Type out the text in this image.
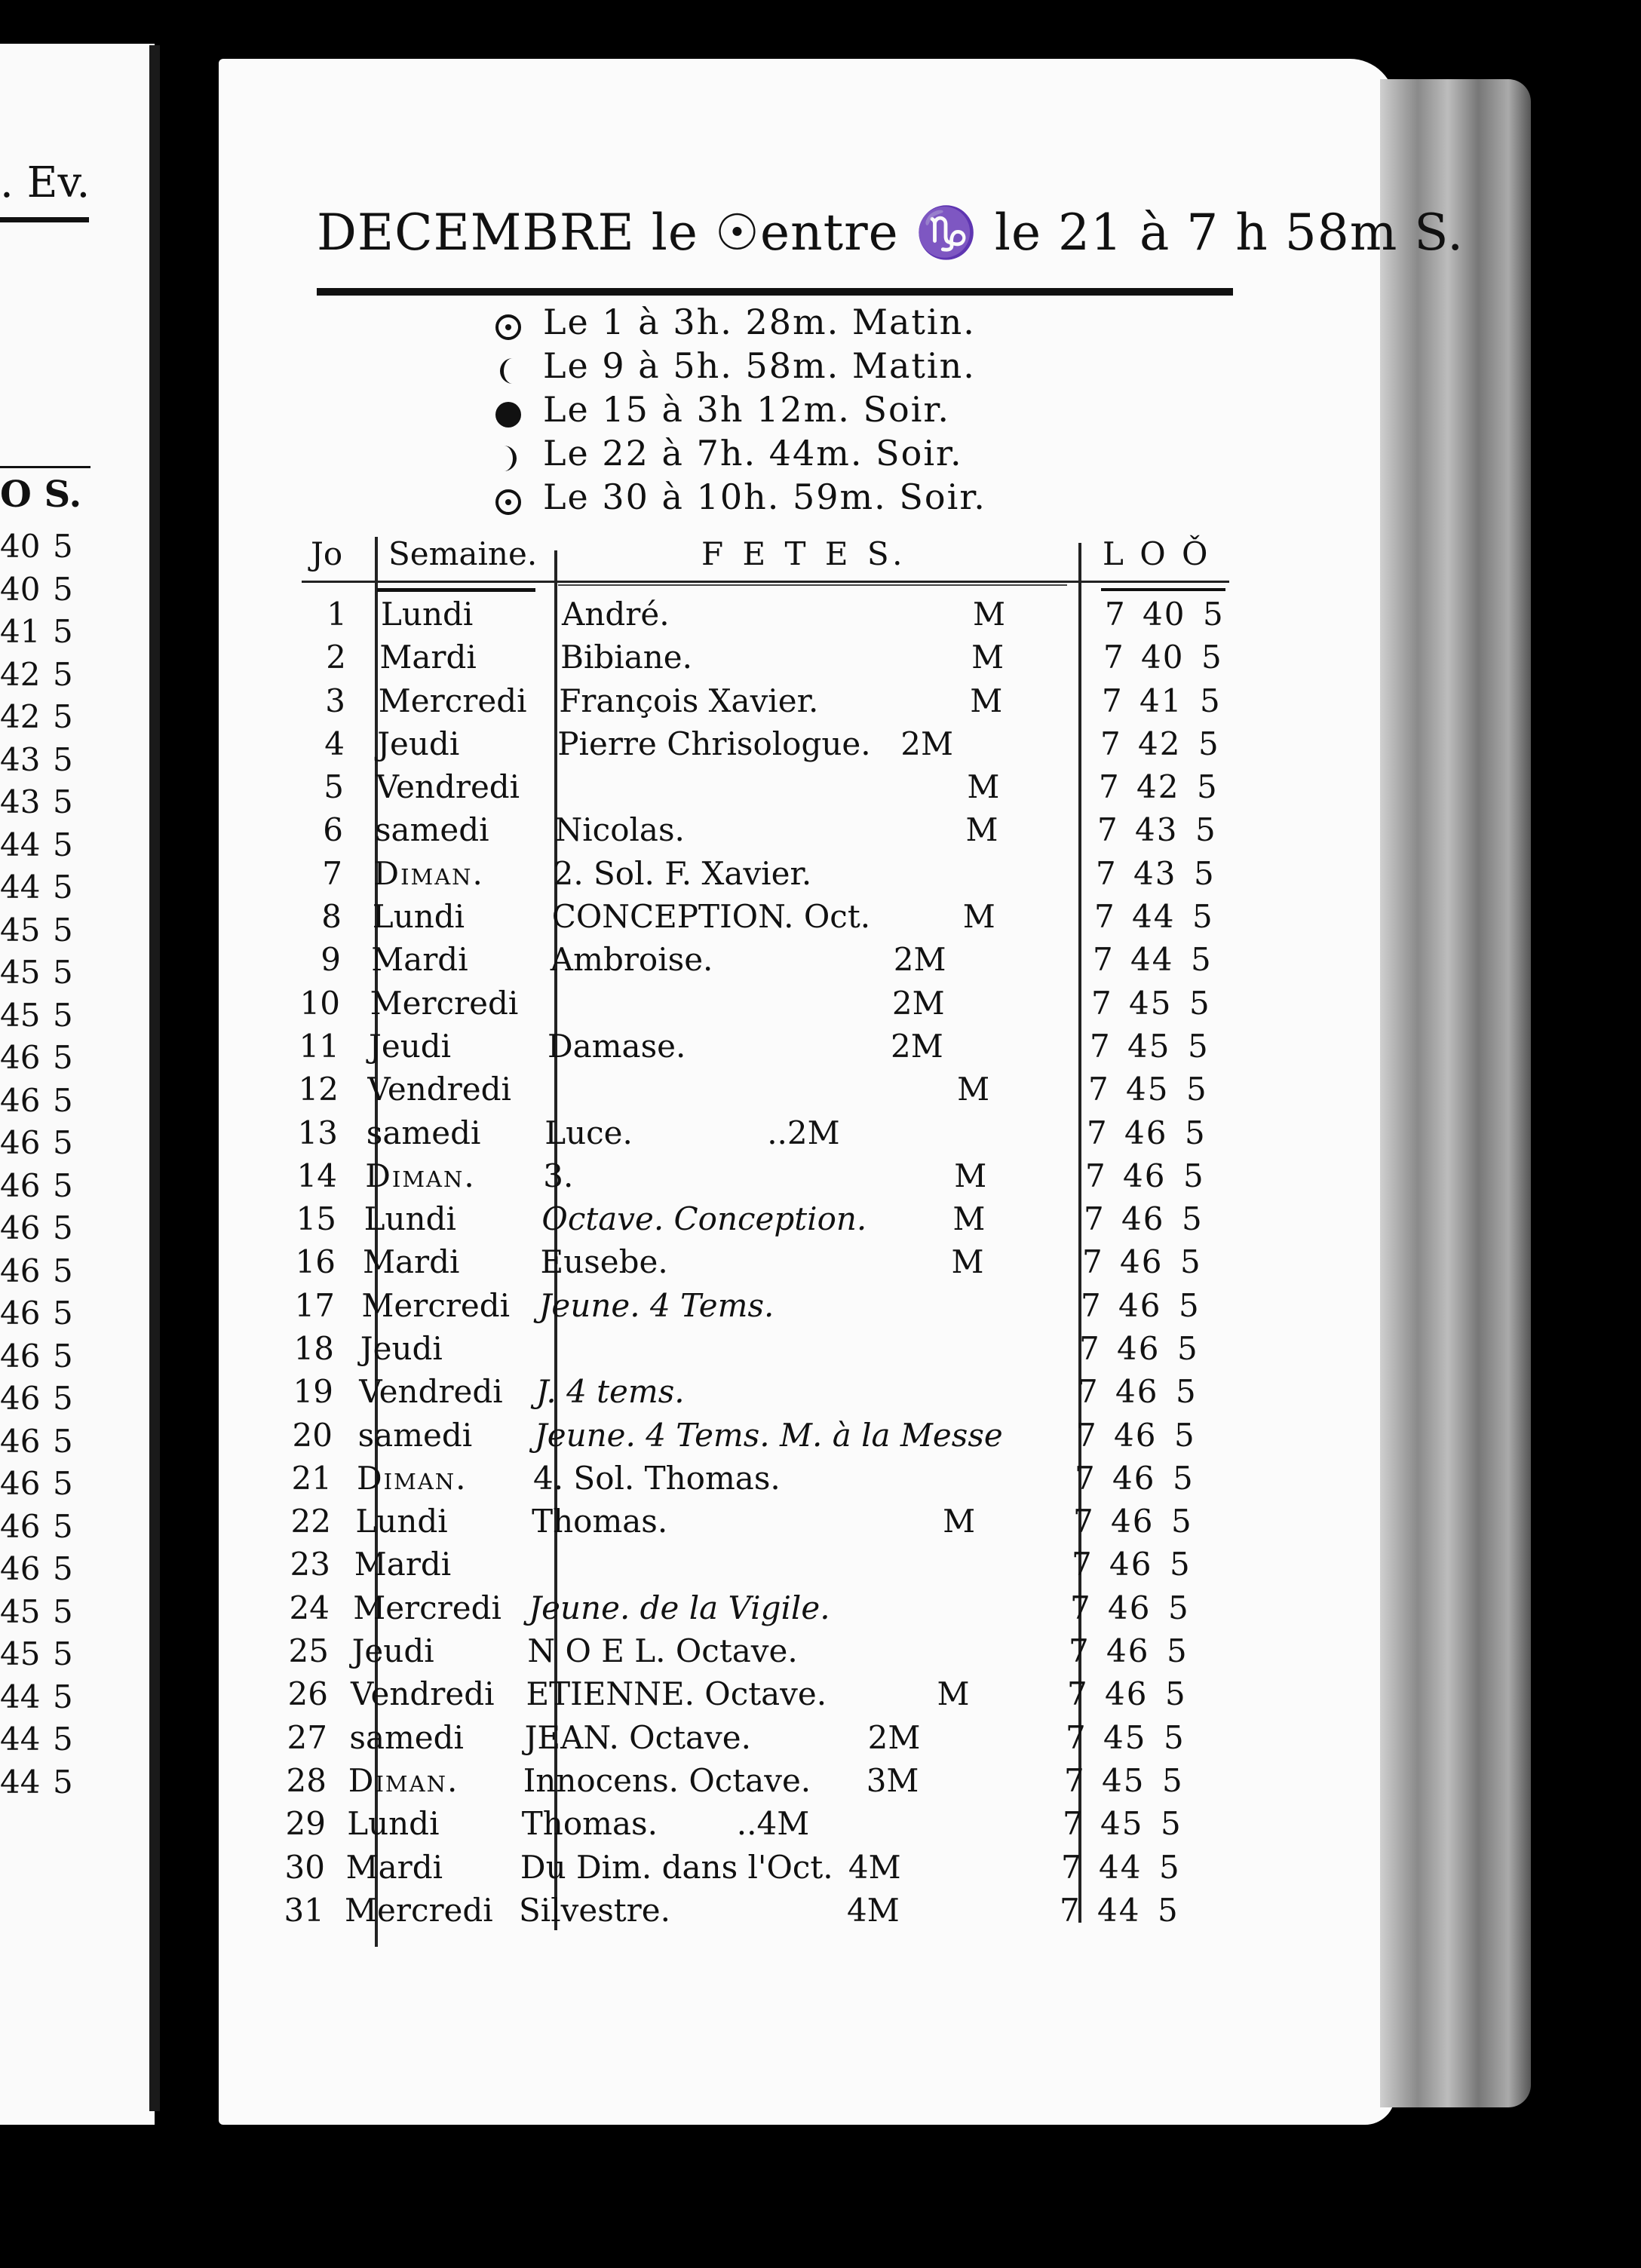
. Ev.
O S.
40 5
40 5
41 5
42 5
42 5
43 5
43 5
44 5
44 5
45 5
45 5
45 5
46 5
46 5
46 5
46 5
46 5
46 5
46 5
46 5
46 5
46 5
46 5
46 5
46 5
45 5
45 5
44 5
44 5
44 5
DECEMBRE le ☉entre ♑ le 21 à 7 h 58m S.
Le 1 à 3h. 28m. Matin.
Le 9 à 5h. 58m. Matin.
Le 15 à 3h 12m. Soir.
Le 22 à 7h. 44m. Soir.
Le 30 à 10h. 59m. Soir.
Jo Semaine.	F E T E S.	L O Ǒ
1 Lundi	André.	M	7 40 5
2 Mardi	Bibiane.	M	7 40 5
3 Mercredi François Xavier.	M	7 41 5
4 Jeudi	Pierre Chrisologue. 2M	7 42 5
5 Vendredi	M	7 42 5
6 samedi Nicolas.	M	7 43 5
7 Diman. 2. Sol. F. Xavier.	7 43 5
8 Lundi	CONCEPTION. Oct.	M	7 44 5
9 Mardi	Ambroise.	2M	7 44 5
10 Mercredi	2M	7 45 5
11 Jeudi	Damase.	2M	7 45 5
12 Vendredi	M	7 45 5
13 samedi Luce.	..2M	7 46 5
14 Diman. 3.	M	7 46 5
15 Lundi	Octave. Conception.	M	7 46 5
16 Mardi	Eusebe.	M	7 46 5
17 Mercredi Jeune. 4 Tems.	7 46 5
18 Jeudi	7 46 5
19 Vendredi J. 4 tems.	7 46 5
20 samedi Jeune. 4 Tems. M. à la Messe 7 46 5
21 Diman. 4. Sol. Thomas.	7 46 5
22 Lundi	Thomas.	M	7 46 5
23 Mardi	7 46 5
24 Mercredi Jeune. de la Vigile.	7 46 5
25 Jeudi	N O E L. Octave.	7 46 5
26 Vendredi ETIENNE. Octave.	M	7 46 5
27 samedi JEAN. Octave.	2M	7 45 5
28 Diman. Innocens. Octave. 3M	7 45 5
29 Lundi	Thomas. ..4M	7 45 5
30 Mardi Du Dim. dans l'Oct. 4M	7 44 5
31 Mercredi Silvestre.	4M	7 44 5
